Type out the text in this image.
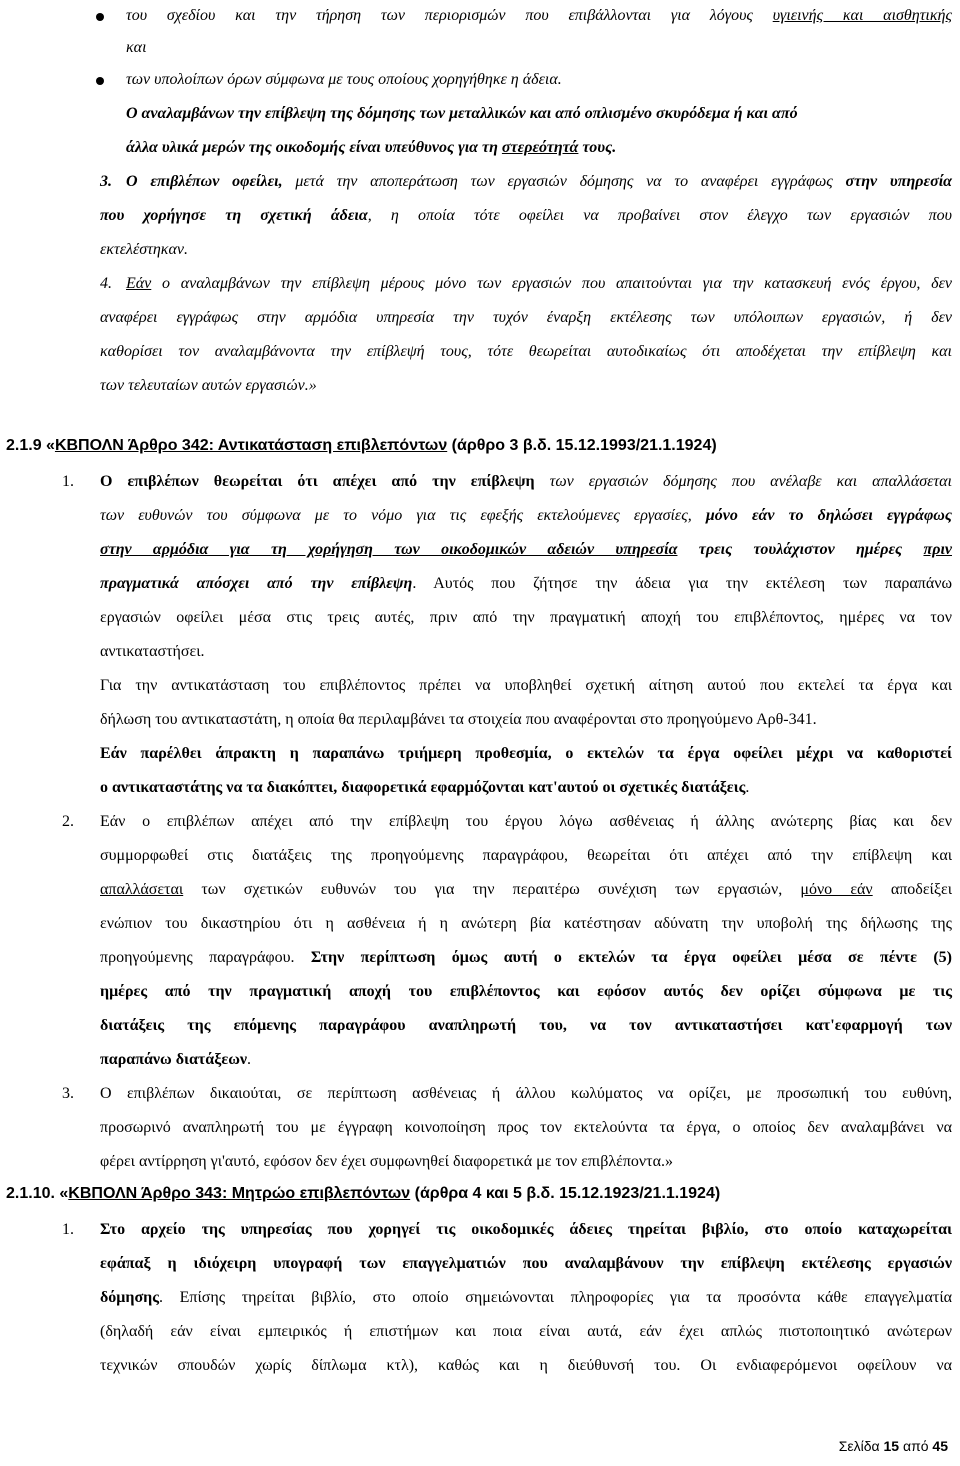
του σχεδίου και την τήρηση των περιορισμών που επιβάλλονται για λόγους υγιεινής και αισθητικής
και
των υπολοίπων όρων σύμφωνα με τους οποίους χορηγήθηκε η άδεια.
Ο αναλαμβάνων την επίβλεψη της δόμησης των μεταλλικών και από οπλισμένο σκυρόδεμα ή και από
άλλα υλικά μερών της οικοδομής είναι υπεύθυνος για τη στερεότητά τους.
3. Ο επιβλέπων οφείλει, μετά την αποπεράτωση των εργασιών δόμησης να το αναφέρει εγγράφως στην υπηρεσία
που χορήγησε τη σχετική άδεια, η οποία τότε οφείλει να προβαίνει στον έλεγχο των εργασιών που
εκτελέστηκαν.
4. Εάν ο αναλαμβάνων την επίβλεψη μέρους μόνο των εργασιών που απαιτούνται για την κατασκευή ενός έργου, δεν
αναφέρει εγγράφως στην αρμόδια υπηρεσία την τυχόν έναρξη εκτέλεσης των υπόλοιπων εργασιών, ή δεν
καθορίσει τον αναλαμβάνοντα την επίβλεψή τους, τότε θεωρείται αυτοδικαίως ότι αποδέχεται την επίβλεψη και
των τελευταίων αυτών εργασιών.»
2.1.9 «ΚΒΠΟΛΝ Άρθρο 342: Αντικατάσταση επιβλεπόντων (άρθρο 3 β.δ. 15.12.1993/21.1.1924)
1. Ο επιβλέπων θεωρείται ότι απέχει από την επίβλεψη των εργασιών δόμησης που ανέλαβε και απαλλάσεται
των ευθυνών του σύμφωνα με το νόμο για τις εφεξής εκτελούμενες εργασίες, μόνο εάν το δηλώσει εγγράφως
στην αρμόδια για τη χορήγηση των οικοδομικών αδειών υπηρεσία τρεις τουλάχιστον ημέρες πριν
πραγματικά απόσχει από την επίβλεψη. Αυτός που ζήτησε την άδεια για την εκτέλεση των παραπάνω
εργασιών οφείλει μέσα στις τρεις αυτές, πριν από την πραγματική αποχή του επιβλέποντος, ημέρες να τον
αντικαταστήσει.
Για την αντικατάσταση του επιβλέποντος πρέπει να υποβληθεί σχετική αίτηση αυτού που εκτελεί τα έργα και
δήλωση του αντικαταστάτη, η οποία θα περιλαμβάνει τα στοιχεία που αναφέρονται στο προηγούμενο Αρθ-341.
Εάν παρέλθει άπρακτη η παραπάνω τριήμερη προθεσμία, ο εκτελών τα έργα οφείλει μέχρι να καθοριστεί
ο αντικαταστάτης να τα διακόπτει, διαφορετικά εφαρμόζονται κατ'αυτού οι σχετικές διατάξεις.
2. Εάν ο επιβλέπων απέχει από την επίβλεψη του έργου λόγω ασθένειας ή άλλης ανώτερης βίας και δεν
συμμορφωθεί στις διατάξεις της προηγούμενης παραγράφου, θεωρείται ότι απέχει από την επίβλεψη και
απαλλάσεται των σχετικών ευθυνών του για την περαιτέρω συνέχιση των εργασιών, μόνο εάν αποδείξει
ενώπιον του δικαστηρίου ότι η ασθένεια ή η ανώτερη βία κατέστησαν αδύνατη την υποβολή της δήλωσης της
προηγούμενης παραγράφου. Στην περίπτωση όμως αυτή ο εκτελών τα έργα οφείλει μέσα σε πέντε (5)
ημέρες από την πραγματική αποχή του επιβλέποντος και εφόσον αυτός δεν ορίζει σύμφωνα με τις
διατάξεις της επόμενης παραγράφου αναπληρωτή του, να τον αντικαταστήσει κατ'εφαρμογή των
παραπάνω διατάξεων.
3. Ο επιβλέπων δικαιούται, σε περίπτωση ασθένειας ή άλλου κωλύματος να ορίζει, με προσωπική του ευθύνη,
προσωρινό αναπληρωτή του με έγγραφη κοινοποίηση προς τον εκτελούντα τα έργα, ο οποίος δεν αναλαμβάνει να
φέρει αντίρρηση γι'αυτό, εφόσον δεν έχει συμφωνηθεί διαφορετικά με τον επιβλέποντα.»
2.1.10. «ΚΒΠΟΛΝ Άρθρο 343: Μητρώο επιβλεπόντων (άρθρα 4 και 5 β.δ. 15.12.1923/21.1.1924)
1. Στο αρχείο της υπηρεσίας που χορηγεί τις οικοδομικές άδειες τηρείται βιβλίο, στο οποίο καταχωρείται
εφάπαξ η ιδιόχειρη υπογραφή των επαγγελματιών που αναλαμβάνουν την επίβλεψη εκτέλεσης εργασιών
δόμησης. Επίσης τηρείται βιβλίο, στο οποίο σημειώνονται πληροφορίες για τα προσόντα κάθε επαγγελματία
(δηλαδή εάν είναι εμπειρικός ή επιστήμων και ποια είναι αυτά, εάν έχει απλώς πιστοποιητικό ανώτερων
τεχνικών σπουδών χωρίς δίπλωμα κτλ), καθώς και η διεύθυνσή του. Οι ενδιαφερόμενοι οφείλουν να
Σελίδα 15 από 45
